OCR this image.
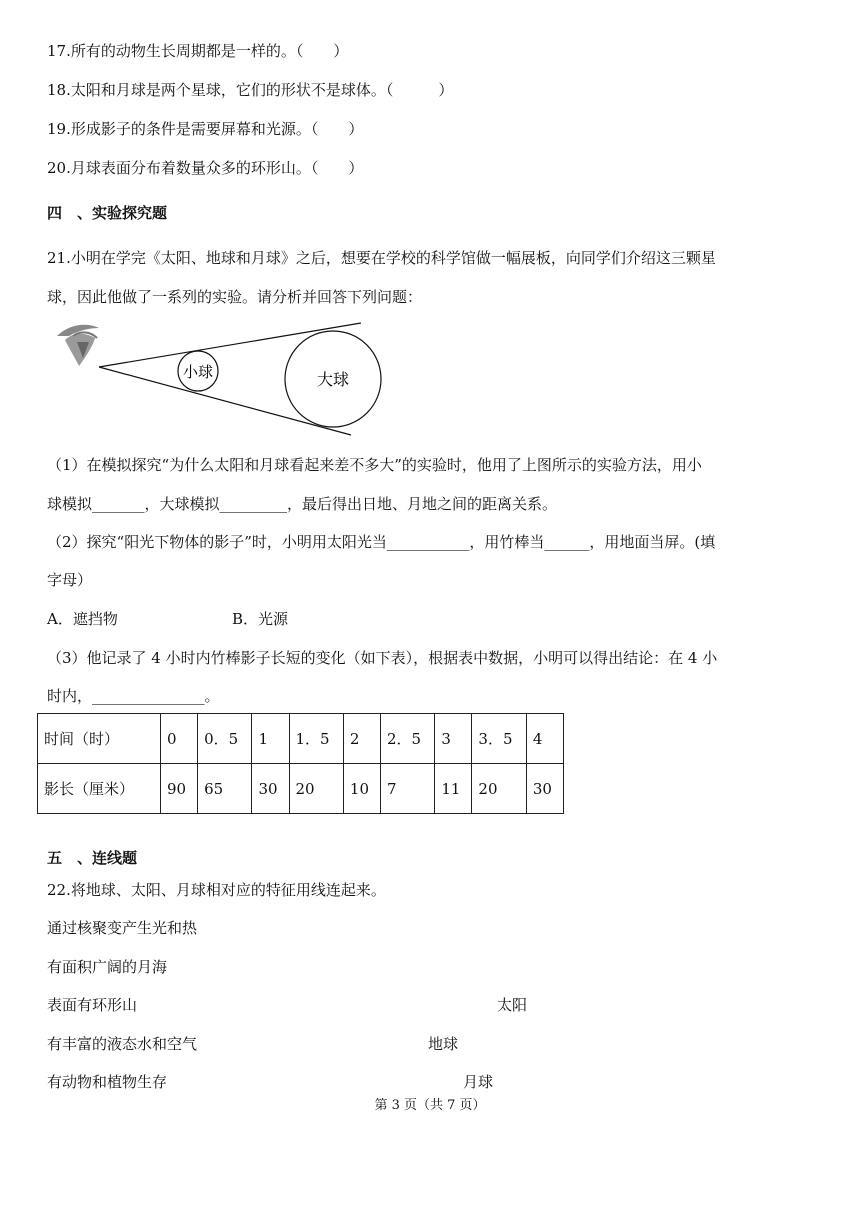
17.所有的动物生长周期都是一样的。（　　）
18.太阳和月球是两个星球，它们的形状不是球体。（　　　）
19.形成影子的条件是需要屏幕和光源。（　　）
20.月球表面分布着数量众多的环形山。（　　）
四　、实验探究题
21.小明在学完《太阳、地球和月球》之后，想要在学校的科学馆做一幅展板，向同学们介绍这三颗星
球，因此他做了一系列的实验。请分析并回答下列问题：
小球	大球
（1）在模拟探究“为什么太阳和月球看起来差不多大”的实验时，他用了上图所示的实验方法，用小
球模拟_______，大球模拟_________，最后得出日地、月地之间的距离关系。
（2）探究“阳光下物体的影子”时，小明用太阳光当___________，用竹棒当______，用地面当屏。(填
字母）
A．遮挡物	B．光源
（3）他记录了 4 小时内竹棒影子长短的变化（如下表），根据表中数据，小明可以得出结论：在 4 小
时内，_______________。
时间（时）	0	0．5	1	1．5	2	2．5	3	3．5	4
影长（厘米）	90	65	30	20	10	7	11	20	30
五　、连线题
22.将地球、太阳、月球相对应的特征用线连起来。
通过核聚变产生光和热
有面积广阔的月海
表面有环形山
有丰富的液态水和空气
有动物和植物生存
太阳
地球
月球
第 3 页（共 7 页）
